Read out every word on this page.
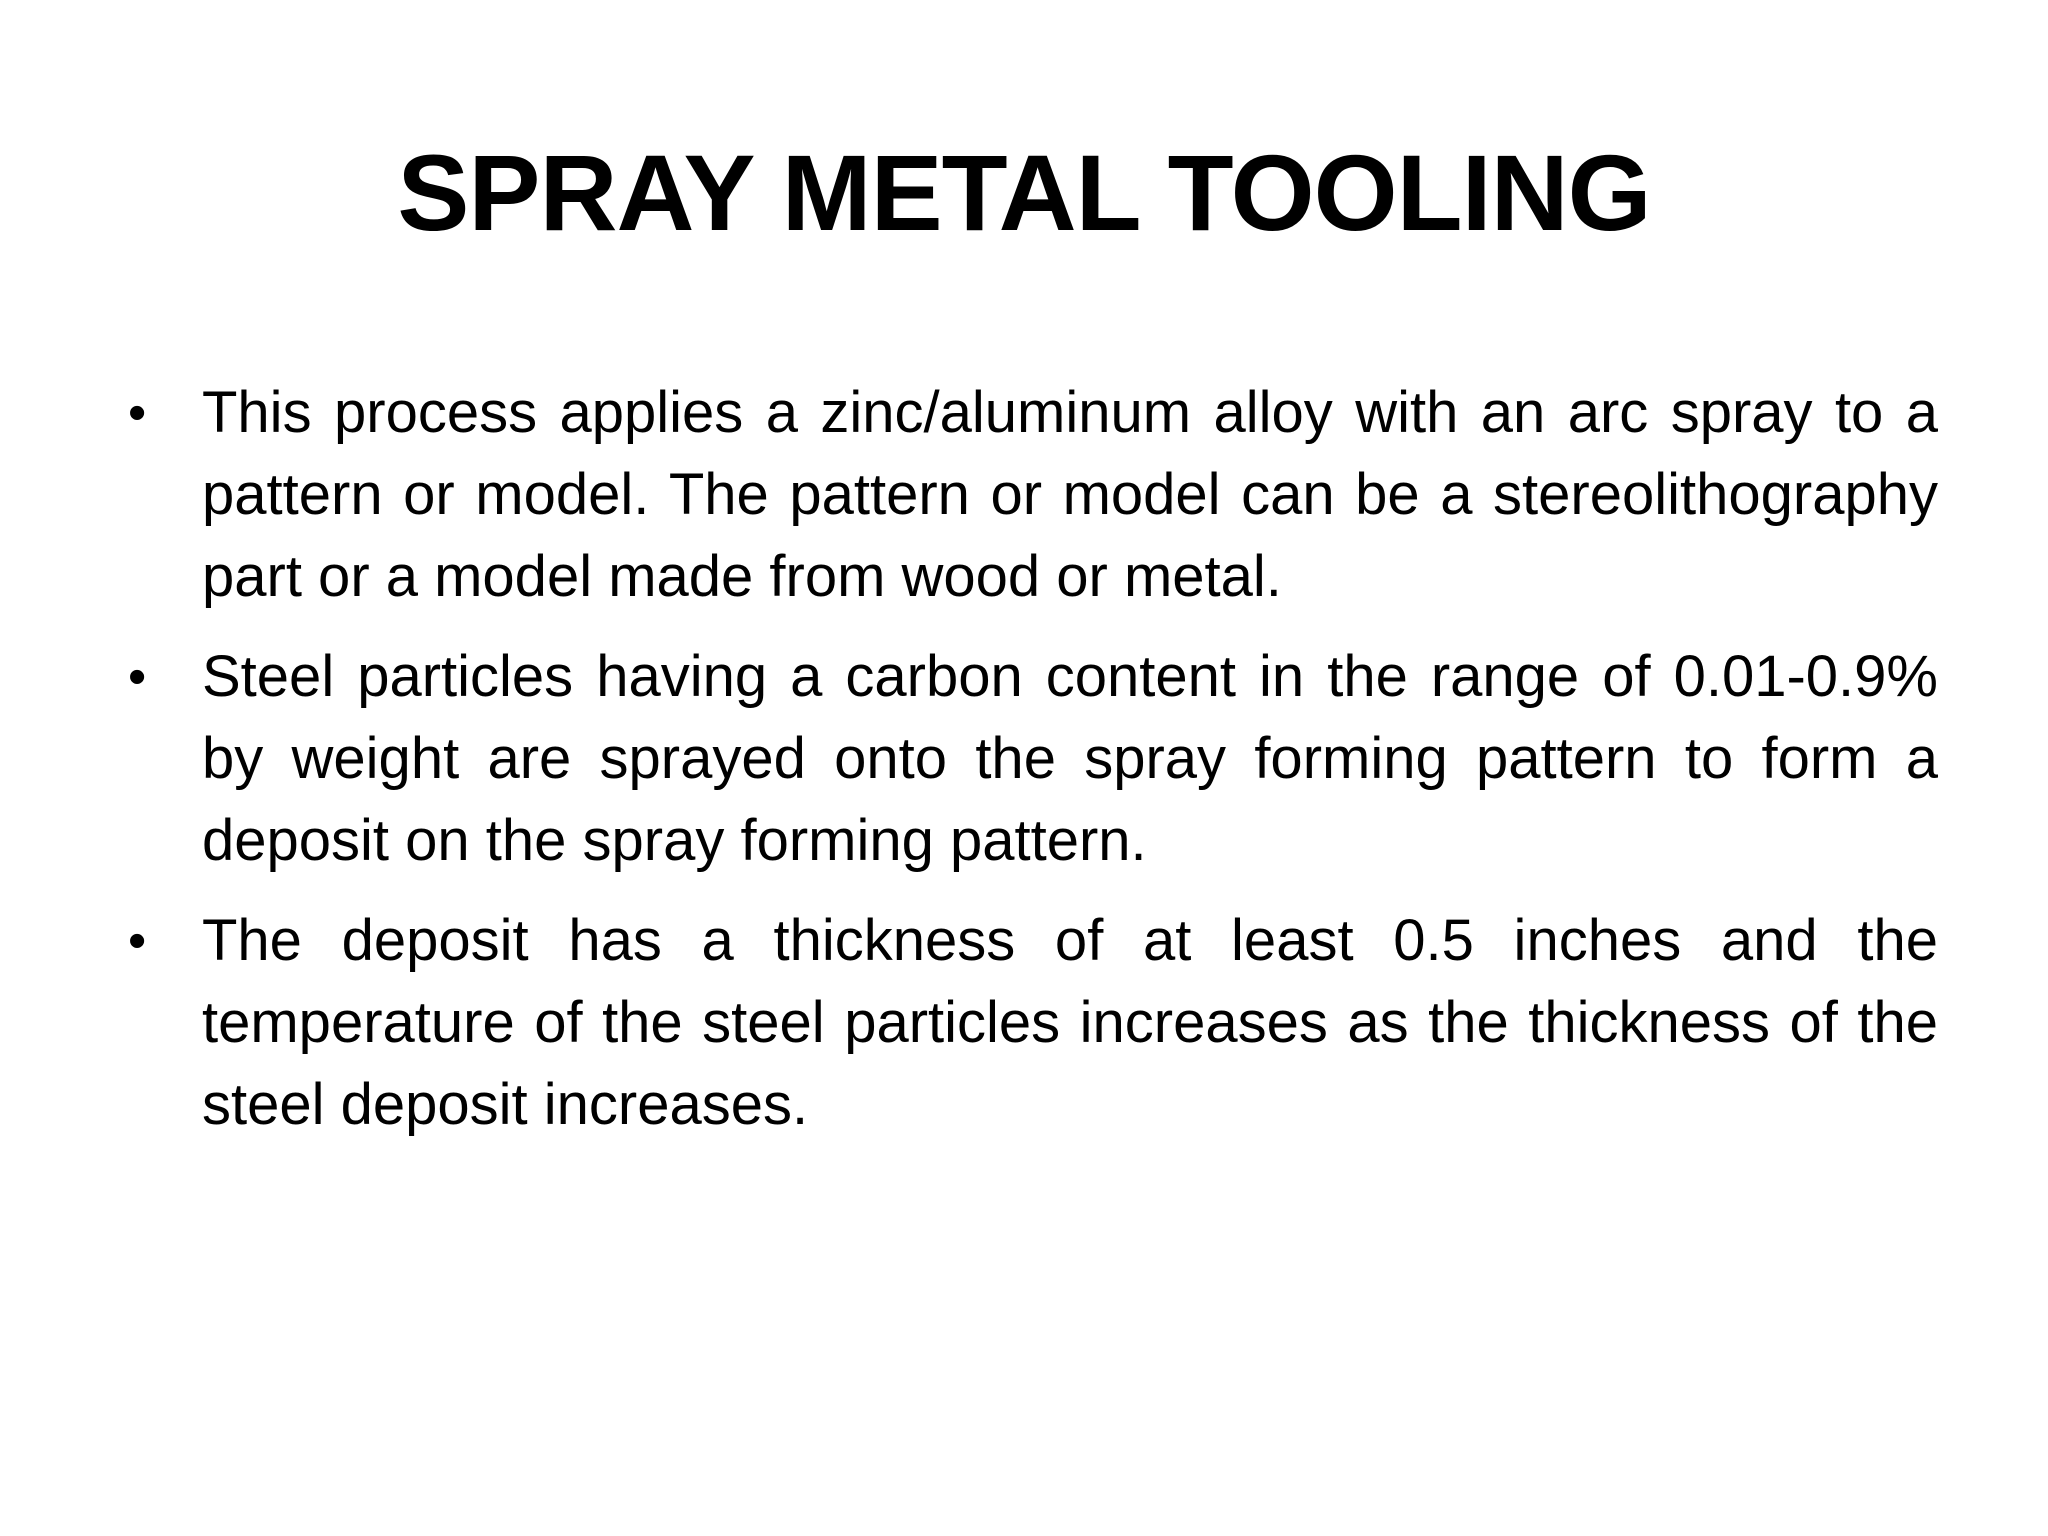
SPRAY METAL TOOLING
• This process applies a zinc/aluminum alloy with an arc spray to a pattern or model. The pattern or model can be a stereolithography part or a model made from wood or metal.
• Steel particles having a carbon content in the range of 0.01-0.9% by weight are sprayed onto the spray forming pattern to form a deposit on the spray forming pattern.
• The deposit has a thickness of at least 0.5 inches and the temperature of the steel particles increases as the thickness of the steel deposit increases.
